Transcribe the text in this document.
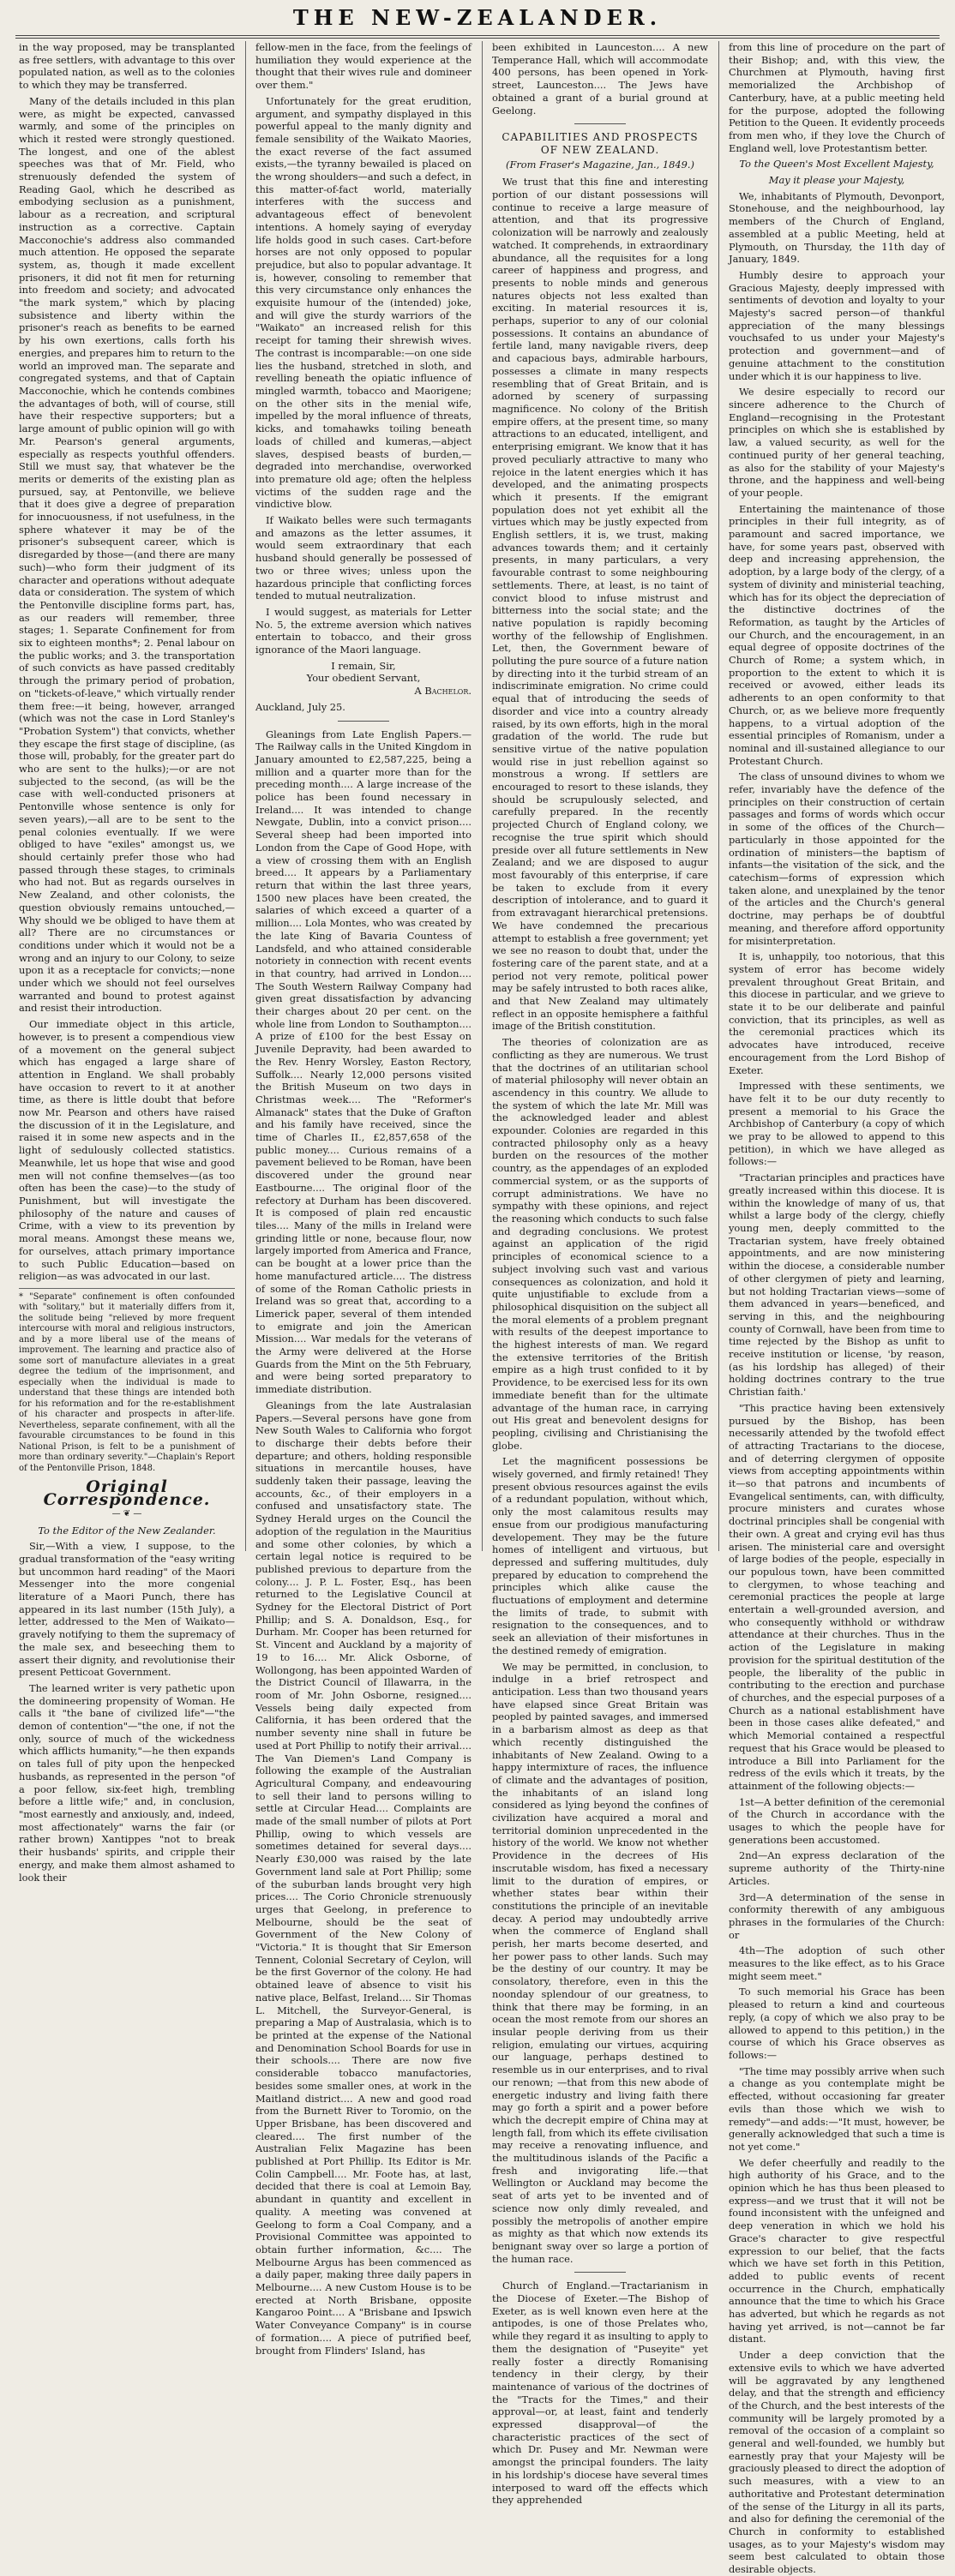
THE NEW-ZEALANDER.

in the way proposed, may be transplanted as free settlers, with advantage to this over populated nation, as well as to the colonies to which they may be transferred.

Many of the details included in this plan were, as might be expected, canvassed warmly, and some of the principles on which it rested were strongly questioned. The longest, and one of the ablest speeches was that of Mr. Field, who strenuously defended the system of Reading Gaol, which he described as embodying seclusion as a punishment, labour as a recreation, and scriptural instruction as a corrective. Captain Macconochie's address also commanded much attention. He opposed the separate system, as, though it made excellent prisoners, it did not fit men for returning into freedom and society; and advocated "the mark system," which by placing subsistence and liberty within the prisoner's reach as benefits to be earned by his own exertions, calls forth his energies, and prepares him to return to the world an improved man. The separate and congregated systems, and that of Captain Macconochie, which he contends combines the advantages of both, will of course, still have their respective supporters; but a large amount of public opinion will go with Mr. Pearson's general arguments, especially as respects youthful offenders. Still we must say, that whatever be the merits or demerits of the existing plan as pursued, say, at Pentonville, we believe that it does give a degree of preparation for innocuousness, if not usefulness, in the sphere whatever it may be of the prisoner's subsequent career, which is disregarded by those—(and there are many such)—who form their judgment of its character and operations without adequate data or consideration. The system of which the Pentonville discipline forms part, has, as our readers will remember, three stages; 1. Separate Confinement for from six to eighteen months*; 2. Penal labour on the public works; and 3. the transportation of such convicts as have passed creditably through the primary period of probation, on "tickets-of-leave," which virtually render them free:—it being, however, arranged (which was not the case in Lord Stanley's "Probation System") that convicts, whether they escape the first stage of discipline, (as those will, probably, for the greater part do who are sent to the hulks);—or are not subjected to the second, (as will be the case with well-conducted prisoners at Pentonville whose sentence is only for seven years),—all are to be sent to the penal colonies eventually. If we were obliged to have "exiles" amongst us, we should certainly prefer those who had passed through these stages, to criminals who had not. But as regards ourselves in New Zealand, and other colonists, the question obviously remains untouched,—Why should we be obliged to have them at all? There are no circumstances or conditions under which it would not be a wrong and an injury to our Colony, to seize upon it as a receptacle for convicts;—none under which we should not feel ourselves warranted and bound to protest against and resist their introduction.

Our immediate object in this article, however, is to present a compendious view of a movement on the general subject which has engaged a large share of attention in England. We shall probably have occasion to revert to it at another time, as there is little doubt that before now Mr. Pearson and others have raised the discussion of it in the Legislature, and raised it in some new aspects and in the light of sedulously collected statistics. Meanwhile, let us hope that wise and good men will not confine themselves—(as too often has been the case)—to the study of Punishment, but will investigate the philosophy of the nature and causes of Crime, with a view to its prevention by moral means. Amongst these means we, for ourselves, attach primary importance to such Public Education—based on religion—as was advocated in our last.

* "Separate" confinement is often confounded with "solitary," but it materially differs from it, the solitude being "relieved by more frequent intercourse with moral and religious instructors, and by a more liberal use of the means of improvement. The learning and practice also of some sort of manufacture alleviates in a great degree the tedium of the imprisonment, and especially when the individual is made to understand that these things are intended both for his reformation and for the re-establishment of his character and prospects in after-life. Nevertheless, separate confinement, with all the favourable circumstances to be found in this National Prison, is felt to be a punishment of more than ordinary severity."—Chaplain's Report of the Pentonville Prison, 1848.
Original Correspondence.
— ❦ —

To the Editor of the New Zealander.

Sir,—With a view, I suppose, to the gradual transformation of the "easy writing but uncommon hard reading" of the Maori Messenger into the more congenial literature of a Maori Punch, there has appeared in its last number (15th July), a letter, addressed to the Men of Waikato—gravely notifying to them the supremacy of the male sex, and beseeching them to assert their dignity, and revolutionise their present Petticoat Government.

The learned writer is very pathetic upon the domineering propensity of Woman. He calls it "the bane of civilized life"—"the demon of contention"—"the one, if not the only, source of much of the wickedness which afflicts humanity,"—he then expands on tales full of pity upon the henpecked husbands, as represented in the person "of a poor fellow, six-feet high, trembling before a little wife;" and, in conclusion, "most earnestly and anxiously, and, indeed, most affectionately" warns the fair (or rather brown) Xantippes "not to break their husbands' spirits, and cripple their energy, and make them almost ashamed to look their

fellow-men in the face, from the feelings of humiliation they would experience at the thought that their wives rule and domineer over them."

Unfortunately for the great erudition, argument, and sympathy displayed in this powerful appeal to the manly dignity and female sensibility of the Waikato Maories, the exact reverse of the fact assumed exists,—the tyranny bewailed is placed on the wrong shoulders—and such a defect, in this matter-of-fact world, materially interferes with the success and advantageous effect of benevolent intentions. A homely saying of everyday life holds good in such cases. Cart-before horses are not only opposed to popular prejudice, but also to popular advantage. It is, however, consoling to remember that this very circumstance only enhances the exquisite humour of the (intended) joke, and will give the sturdy warriors of the "Waikato" an increased relish for this receipt for taming their shrewish wives. The contrast is incomparable:—on one side lies the husband, stretched in sloth, and revelling beneath the opiatic influence of mingled warmth, tobacco and Maorigene; on the other sits in the menial wife, impelled by the moral influence of threats, kicks, and tomahawks toiling beneath loads of chilled and kumeras,—abject slaves, despised beasts of burden,—degraded into merchandise, overworked into premature old age; often the helpless victims of the sudden rage and the vindictive blow.

If Waikato belles were such termagants and amazons as the letter assumes, it would seem extraordinary that each husband should generally be possessed of two or three wives; unless upon the hazardous principle that conflicting forces tended to mutual neutralization.

I would suggest, as materials for Letter No. 5, the extreme aversion which natives entertain to tobacco, and their gross ignorance of the Maori language.

I remain, Sir,

Your obedient Servant,

A Bachelor.

Auckland, July 25.

Gleanings from Late English Papers.—The Railway calls in the United Kingdom in January amounted to £2,587,225, being a million and a quarter more than for the preceding month.... A large increase of the police has been found necessary in Ireland.... It was intended to change Newgate, Dublin, into a convict prison.... Several sheep had been imported into London from the Cape of Good Hope, with a view of crossing them with an English breed.... It appears by a Parliamentary return that within the last three years, 1500 new places have been created, the salaries of which exceed a quarter of a million.... Lola Montes, who was created by the late King of Bavaria Countess of Landsfeld, and who attained considerable notoriety in connection with recent events in that country, had arrived in London.... The South Western Railway Company had given great dissatisfaction by advancing their charges about 20 per cent. on the whole line from London to Southampton.... A prize of £100 for the best Essay on Juvenile Depravity, had been awarded to the Rev. Henry Worsley, Easton Rectory, Suffolk.... Nearly 12,000 persons visited the British Museum on two days in Christmas week.... The "Reformer's Almanack" states that the Duke of Grafton and his family have received, since the time of Charles II., £2,857,658 of the public money.... Curious remains of a pavement believed to be Roman, have been discovered under the ground near Eastbourne.... The original floor of the refectory at Durham has been discovered. It is composed of plain red encaustic tiles.... Many of the mills in Ireland were grinding little or none, because flour, now largely imported from America and France, can be bought at a lower price than the home manufactured article.... The distress of some of the Roman Catholic priests in Ireland was so great that, according to a Limerick paper, several of them intended to emigrate and join the American Mission.... War medals for the veterans of the Army were delivered at the Horse Guards from the Mint on the 5th February, and were being sorted preparatory to immediate distribution.

Gleanings from the late Australasian Papers.—Several persons have gone from New South Wales to California who forgot to discharge their debts before their departure; and others, holding responsible situations in mercantile houses, have suddenly taken their passage, leaving the accounts, &c., of their employers in a confused and unsatisfactory state. The Sydney Herald urges on the Council the adoption of the regulation in the Mauritius and some other colonies, by which a certain legal notice is required to be published previous to departure from the colony.... J. P. L. Foster, Esq., has been returned to the Legislative Council at Sydney for the Electoral District of Port Phillip; and S. A. Donaldson, Esq., for Durham. Mr. Cooper has been returned for St. Vincent and Auckland by a majority of 19 to 16.... Mr. Alick Osborne, of Wollongong, has been appointed Warden of the District Council of Illawarra, in the room of Mr. John Osborne, resigned.... Vessels being daily expected from California, it has been ordered that the number seventy nine shall in future be used at Port Phillip to notify their arrival.... The Van Diemen's Land Company is following the example of the Australian Agricultural Company, and endeavouring to sell their land to persons willing to settle at Circular Head.... Complaints are made of the small number of pilots at Port Phillip, owing to which vessels are sometimes detained for several days.... Nearly £30,000 was raised by the late Government land sale at Port Phillip; some of the suburban lands brought very high prices.... The Corio Chronicle strenuously urges that Geelong, in preference to Melbourne, should be the seat of Government of the New Colony of "Victoria." It is thought that Sir Emerson Tennent, Colonial Secretary of Ceylon, will be the first Governor of the colony. He had obtained leave of absence to visit his native place, Belfast, Ireland.... Sir Thomas L. Mitchell, the Surveyor-General, is preparing a Map of Australasia, which is to be printed at the expense of the National and Denomination School Boards for use in their schools.... There are now five considerable tobacco manufactories, besides some smaller ones, at work in the Maitland district.... A new and good road from the Burnett River to Toromio, on the Upper Brisbane, has been discovered and cleared.... The first number of the Australian Felix Magazine has been published at Port Phillip. Its Editor is Mr. Colin Campbell.... Mr. Foote has, at last, decided that there is coal at Lemoin Bay, abundant in quantity and excellent in quality. A meeting was convened at Geelong to form a Coal Company, and a Provisional Committee was appointed to obtain further information, &c.... The Melbourne Argus has been commenced as a daily paper, making three daily papers in Melbourne.... A new Custom House is to be erected at North Brisbane, opposite Kangaroo Point.... A "Brisbane and Ipswich Water Conveyance Company" is in course of formation.... A piece of putrified beef, brought from Flinders' Island, has

been exhibited in Launceston.... A new Temperance Hall, which will accommodate 400 persons, has been opened in York-street, Launceston.... The Jews have obtained a grant of a burial ground at Geelong.

CAPABILITIES AND PROSPECTS OF NEW ZEALAND.

(From Fraser's Magazine, Jan., 1849.)

We trust that this fine and interesting portion of our distant possessions will continue to receive a large measure of attention, and that its progressive colonization will be narrowly and zealously watched. It comprehends, in extraordinary abundance, all the requisites for a long career of happiness and progress, and presents to noble minds and generous natures objects not less exalted than exciting. In material resources it is, perhaps, superior to any of our colonial possessions. It contains an abundance of fertile land, many navigable rivers, deep and capacious bays, admirable harbours, possesses a climate in many respects resembling that of Great Britain, and is adorned by scenery of surpassing magnificence. No colony of the British empire offers, at the present time, so many attractions to an educated, intelligent, and enterprising emigrant. We know that it has proved peculiarly attractive to many who rejoice in the latent energies which it has developed, and the animating prospects which it presents. If the emigrant population does not yet exhibit all the virtues which may be justly expected from English settlers, it is, we trust, making advances towards them; and it certainly presents, in many particulars, a very favourable contrast to some neighbouring settlements. There, at least, is no taint of convict blood to infuse mistrust and bitterness into the social state; and the native population is rapidly becoming worthy of the fellowship of Englishmen. Let, then, the Government beware of polluting the pure source of a future nation by directing into it the turbid stream of an indiscriminate emigration. No crime could equal that of introducing the seeds of disorder and vice into a country already raised, by its own efforts, high in the moral gradation of the world. The rude but sensitive virtue of the native population would rise in just rebellion against so monstrous a wrong. If settlers are encouraged to resort to these islands, they should be scrupulously selected, and carefully prepared. In the recently projected Church of England colony, we recognise the true spirit which should preside over all future settlements in New Zealand; and we are disposed to augur most favourably of this enterprise, if care be taken to exclude from it every description of intolerance, and to guard it from extravagant hierarchical pretensions. We have condemned the precarious attempt to establish a free government; yet we see no reason to doubt that, under the fostering care of the parent state, and at a period not very remote, political power may be safely intrusted to both races alike, and that New Zealand may ultimately reflect in an opposite hemisphere a faithful image of the British constitution.

The theories of colonization are as conflicting as they are numerous. We trust that the doctrines of an utilitarian school of material philosophy will never obtain an ascendency in this country. We allude to the system of which the late Mr. Mill was the acknowledged leader and ablest expounder. Colonies are regarded in this contracted philosophy only as a heavy burden on the resources of the mother country, as the appendages of an exploded commercial system, or as the supports of corrupt administrations. We have no sympathy with these opinions, and reject the reasoning which conducts to such false and degrading conclusions. We protest against an application of the rigid principles of economical science to a subject involving such vast and various consequences as colonization, and hold it quite unjustifiable to exclude from a philosophical disquisition on the subject all the moral elements of a problem pregnant with results of the deepest importance to the highest interests of man. We regard the extensive territories of the British empire as a high trust confided to it by Providence, to be exercised less for its own immediate benefit than for the ultimate advantage of the human race, in carrying out His great and benevolent designs for peopling, civilising and Christianising the globe.

Let the magnificent possessions be wisely governed, and firmly retained! They present obvious resources against the evils of a redundant population, without which, only the most calamitous results may ensue from our prodigious manufacturing developement. They may be the future homes of intelligent and virtuous, but depressed and suffering multitudes, duly prepared by education to comprehend the principles which alike cause the fluctuations of employment and determine the limits of trade, to submit with resignation to the consequences, and to seek an alleviation of their misfortunes in the destined remedy of emigration.

We may be permitted, in conclusion, to indulge in a brief retrospect and anticipation. Less than two thousand years have elapsed since Great Britain was peopled by painted savages, and immersed in a barbarism almost as deep as that which recently distinguished the inhabitants of New Zealand. Owing to a happy intermixture of races, the influence of climate and the advantages of position, the inhabitants of an island long considered as lying beyond the confines of civilization have acquired a moral and territorial dominion unprecedented in the history of the world. We know not whether Providence in the decrees of His inscrutable wisdom, has fixed a necessary limit to the duration of empires, or whether states bear within their constitutions the principle of an inevitable decay. A period may undoubtedly arrive when the commerce of England shall perish, her marts become deserted, and her power pass to other lands. Such may be the destiny of our country. It may be consolatory, therefore, even in this the noonday splendour of our greatness, to think that there may be forming, in an ocean the most remote from our shores an insular people deriving from us their religion, emulating our virtues, acquiring our language, perhaps destined to resemble us in our enterprises, and to rival our renown; —that from this new abode of energetic industry and living faith there may go forth a spirit and a power before which the decrepit empire of China may at length fall, from which its effete civilisation may receive a renovating influence, and the multitudinous islands of the Pacific a fresh and invigorating life.—that Wellington or Auckland may become the seat of arts yet to be invented and of science now only dimly revealed, and possibly the metropolis of another empire as mighty as that which now extends its benignant sway over so large a portion of the human race.

Church of England.—Tractarianism in the Diocese of Exeter.—The Bishop of Exeter, as is well known even here at the antipodes, is one of those Prelates who, while they regard it as insulting to apply to them the designation of "Puseyite" yet really foster a directly Romanising tendency in their clergy, by their maintenance of various of the doctrines of the "Tracts for the Times," and their approval—or, at least, faint and tenderly expressed disapproval—of the characteristic practices of the sect of which Dr. Pusey and Mr. Newman were amongst the principal founders. The laity in his lordship's diocese have several times interposed to ward off the effects which they apprehended

from this line of procedure on the part of their Bishop; and, with this view, the Churchmen at Plymouth, having first memorialized the Archbishop of Canterbury, have, at a public meeting held for the purpose, adopted the following Petition to the Queen. It evidently proceeds from men who, if they love the Church of England well, love Protestantism better.

To the Queen's Most Excellent Majesty,

May it please your Majesty,

We, inhabitants of Plymouth, Devonport, Stonehouse, and the neighbourhood, lay members of the Church of England, assembled at a public Meeting, held at Plymouth, on Thursday, the 11th day of January, 1849.

Humbly desire to approach your Gracious Majesty, deeply impressed with sentiments of devotion and loyalty to your Majesty's sacred person—of thankful appreciation of the many blessings vouchsafed to us under your Majesty's protection and government—and of genuine attachment to the constitution under which it is our happiness to live.

We desire especially to record our sincere adherence to the Church of England—recognising in the Protestant principles on which she is established by law, a valued security, as well for the continued purity of her general teaching, as also for the stability of your Majesty's throne, and the happiness and well-being of your people.

Entertaining the maintenance of those principles in their full integrity, as of paramount and sacred importance, we have, for some years past, observed with deep and increasing apprehension, the adoption, by a large body of the clergy, of a system of divinity and ministerial teaching, which has for its object the depreciation of the distinctive doctrines of the Reformation, as taught by the Articles of our Church, and the encouragement, in an equal degree of opposite doctrines of the Church of Rome; a system which, in proportion to the extent to which it is received or avowed, either leads its adherents to an open conformity to that Church, or, as we believe more frequently happens, to a virtual adoption of the essential principles of Romanism, under a nominal and ill-sustained allegiance to our Protestant Church.

The class of unsound divines to whom we refer, invariably have the defence of the principles on their construction of certain passages and forms of words which occur in some of the offices of the Church—particularly in those appointed for the ordination of ministers—the baptism of infants—the visitation of the sick, and the catechism—forms of expression which taken alone, and unexplained by the tenor of the articles and the Church's general doctrine, may perhaps be of doubtful meaning, and therefore afford opportunity for misinterpretation.

It is, unhappily, too notorious, that this system of error has become widely prevalent throughout Great Britain, and this diocese in particular, and we grieve to state it to be our deliberate and painful conviction, that its principles, as well as the ceremonial practices which its advocates have introduced, receive encouragement from the Lord Bishop of Exeter.

Impressed with these sentiments, we have felt it to be our duty recently to present a memorial to his Grace the Archbishop of Canterbury (a copy of which we pray to be allowed to append to this petition), in which we have alleged as follows:—

"Tractarian principles and practices have greatly increased within this diocese. It is within the knowledge of many of us, that whilst a large body of the clergy, chiefly young men, deeply committed to the Tractarian system, have freely obtained appointments, and are now ministering within the diocese, a considerable number of other clergymen of piety and learning, but not holding Tractarian views—some of them advanced in years—beneficed, and serving in this, and the neighbouring county of Cornwall, have been from time to time rejected by the Bishop as unfit to receive institution or license, 'by reason, (as his lordship has alleged) of their holding doctrines contrary to the true Christian faith.'

"This practice having been extensively pursued by the Bishop, has been necessarily attended by the twofold effect of attracting Tractarians to the diocese, and of deterring clergymen of opposite views from accepting appointments within it—so that patrons and incumbents of Evangelical sentiments, can, with difficulty, procure ministers and curates whose doctrinal principles shall be congenial with their own. A great and crying evil has thus arisen. The ministerial care and oversight of large bodies of the people, especially in our populous town, have been committed to clergymen, to whose teaching and ceremonial practices the people at large entertain a well-grounded aversion, and who consequently withhold or withdraw attendance at their churches. Thus in the action of the Legislature in making provision for the spiritual destitution of the people, the liberality of the public in contributing to the erection and purchase of churches, and the especial purposes of a Church as a national establishment have been in those cases alike defeated," and which Memorial contained a respectful request that his Grace would be pleased to introduce a Bill into Parliament for the redress of the evils which it treats, by the attainment of the following objects:—

1st—A better definition of the ceremonial of the Church in accordance with the usages to which the people have for generations been accustomed.

2nd—An express declaration of the supreme authority of the Thirty-nine Articles.

3rd—A determination of the sense in conformity therewith of any ambiguous phrases in the formularies of the Church: or

4th—The adoption of such other measures to the like effect, as to his Grace might seem meet."

To such memorial his Grace has been pleased to return a kind and courteous reply, (a copy of which we also pray to be allowed to append to this petition,) in the course of which his Grace observes as follows:—

"The time may possibly arrive when such a change as you contemplate might be effected, without occasioning far greater evils than those which we wish to remedy"—and adds:—"It must, however, be generally acknowledged that such a time is not yet come."

We defer cheerfully and readily to the high authority of his Grace, and to the opinion which he has thus been pleased to express—and we trust that it will not be found inconsistent with the unfeigned and deep veneration in which we hold his Grace's character to give respectful expression to our belief, that the facts which we have set forth in this Petition, added to public events of recent occurrence in the Church, emphatically announce that the time to which his Grace has adverted, but which he regards as not having yet arrived, is not—cannot be far distant.

Under a deep conviction that the extensive evils to which we have adverted will be aggravated by any lengthened delay, and that the strength and efficiency of the Church, and the best interests of the community will be largely promoted by a removal of the occasion of a complaint so general and well-founded, we humbly but earnestly pray that your Majesty will be graciously pleased to direct the adoption of such measures, with a view to an authoritative and Protestant determination of the sense of the Liturgy in all its parts, and also for defining the ceremonial of the Church in conformity to established usages, as to your Majesty's wisdom may seem best calculated to obtain those desirable objects.
